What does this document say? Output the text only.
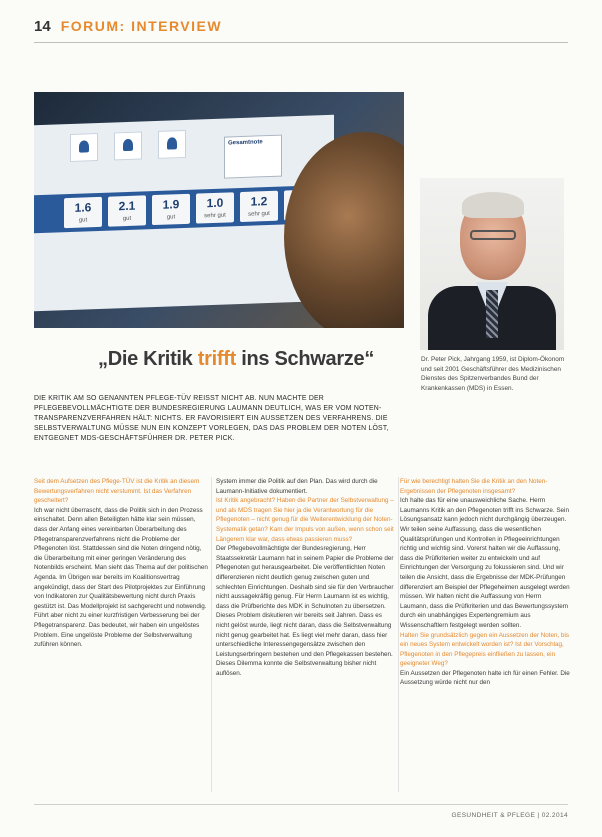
14 FORUM: INTERVIEW
Gesamtnote
1.6
gut
2.1
gut
1.9
gut
1.0
sehr gut
1.2
sehr gut
Dr. Peter Pick, Jahrgang 1959, ist Diplom-Ökonom und seit 2001 Geschäftsführer des Medizinischen Dienstes des Spitzenverbandes Bund der Krankenkassen (MDS) in Essen.
„Die Kritik trifft ins Schwarze“
DIE KRITIK AM SO GENANNTEN PFLEGE-TÜV REISST NICHT AB. NUN MACHTE DER PFLEGEBEVOLLMÄCHTIGTE DER BUNDESREGIERUNG LAUMANN DEUTLICH, WAS ER VOM NOTEN-TRANSPARENZVERFAHREN HÄLT: NICHTS. ER FAVORISIERT EIN AUSSETZEN DES VERFAHRENS. DIE SELBSTVERWALTUNG MÜSSE NUN EIN KONZEPT VORLEGEN, DAS DAS PROBLEM DER NOTEN LÖST, ENTGEGNET MDS-GESCHÄFTSFÜHRER DR. PETER PICK.

Seit dem Aufsetzen des Pflege-TÜV ist die Kritik an diesem Bewertungsverfahren nicht verstummt. Ist das Verfahren gescheitert?

Ich war nicht überrascht, dass die Politik sich in den Prozess einschaltet. Denn allen Beteiligten hätte klar sein müssen, dass der Anfang eines vereinbarten Überarbeitung des Pflegetransparenzverfahrens nicht die Probleme der Pflegenoten löst. Stattdessen sind die Noten dringend nötig, die Überarbeitung mit einer geringen Veränderung des Notenbilds erscheint. Man sieht das Thema auf der politischen Agenda. Im Übrigen war bereits im Koalitionsvertrag angekündigt, dass der Start des Pilotprojektes zur Einführung von Indikatoren zur Qualitätsbewertung nicht durch Praxis gestützt ist. Das Modellprojekt ist sachgerecht und notwendig. Führt aber nicht zu einer kurzfristigen Verbesserung bei der Pflegetransparenz. Das bedeutet, wir haben ein ungelöstes Problem. Eine ungelöste Probleme der Selbstverwaltung zuführen können.

System immer die Politik auf den Plan. Das wird durch die Laumann-Initiative dokumentiert.

Ist Kritik angebracht? Haben die Partner der Selbstverwaltung – und als MDS tragen Sie hier ja die Verantwortung für die Pflegenoten – nicht genug für die Weiterentwicklung der Noten-Systematik getan? Kam der Impuls von außen, wenn schon seit Längerem klar war, dass etwas passieren muss?

Der Pflegebevollmächtigte der Bundesregierung, Herr Staatssekretär Laumann hat in seinem Papier die Probleme der Pflegenoten gut herausgearbeitet. Die veröffentlichten Noten differenzieren nicht deutlich genug zwischen guten und schlechten Einrichtungen. Deshalb sind sie für den Verbraucher nicht aussagekräftig genug. Für Herrn Laumann ist es wichtig, dass die Prüfberichte des MDK in Schulnoten zu übersetzen. Dieses Problem diskutieren wir bereits seit Jahren. Dass es nicht gelöst wurde, liegt nicht daran, dass die Selbstverwaltung nicht genug gearbeitet hat. Es liegt viel mehr daran, dass hier unterschiedliche Interessengegensätze zwischen den Leistungserbringern bestehen und den Pflegekassen bestehen. Dieses Dilemma konnte die Selbstverwaltung bisher nicht auflösen.

Für wie berechtigt halten Sie die Kritik an den Noten-Ergebnissen der Pflegenoten insgesamt?

Ich halte das für eine unausweichliche Sache. Herrn Laumanns Kritik an den Pflegenoten trifft ins Schwarze. Sein Lösungsansatz kann jedoch nicht durchgängig überzeugen. Wir teilen seine Auffassung, dass die wesentlichen Qualitätsprüfungen und Kontrollen in Pflegeeinrichtungen richtig und wichtig sind. Vorerst halten wir die Auffassung, dass die Prüfkriterien weiter zu entwickeln und auf Einrichtungen der Versorgung zu fokussieren sind. Und wir teilen die Ansicht, dass die Ergebnisse der MDK-Prüfungen differenziert am Beispiel der Pflegeheimen ausgelegt werden müssen. Wir halten nicht die Auffassung von Herrn Laumann, dass die Prüfkriterien und das Bewertungssystem durch ein unabhängiges Expertengremium aus Wissenschaftlern festgelegt werden sollten.

Halten Sie grundsätzlich gegen ein Aussetzen der Noten, bis ein neues System entwickelt worden ist? Ist der Vorschlag, Pflegenoten in den Pflegepreis einfließen zu lassen, ein geeigneter Weg?

Ein Aussetzen der Pflegenoten halte ich für einen Fehler. Die Aussetzung würde nicht nur den

GESUNDHEIT & PFLEGE | 02.2014
